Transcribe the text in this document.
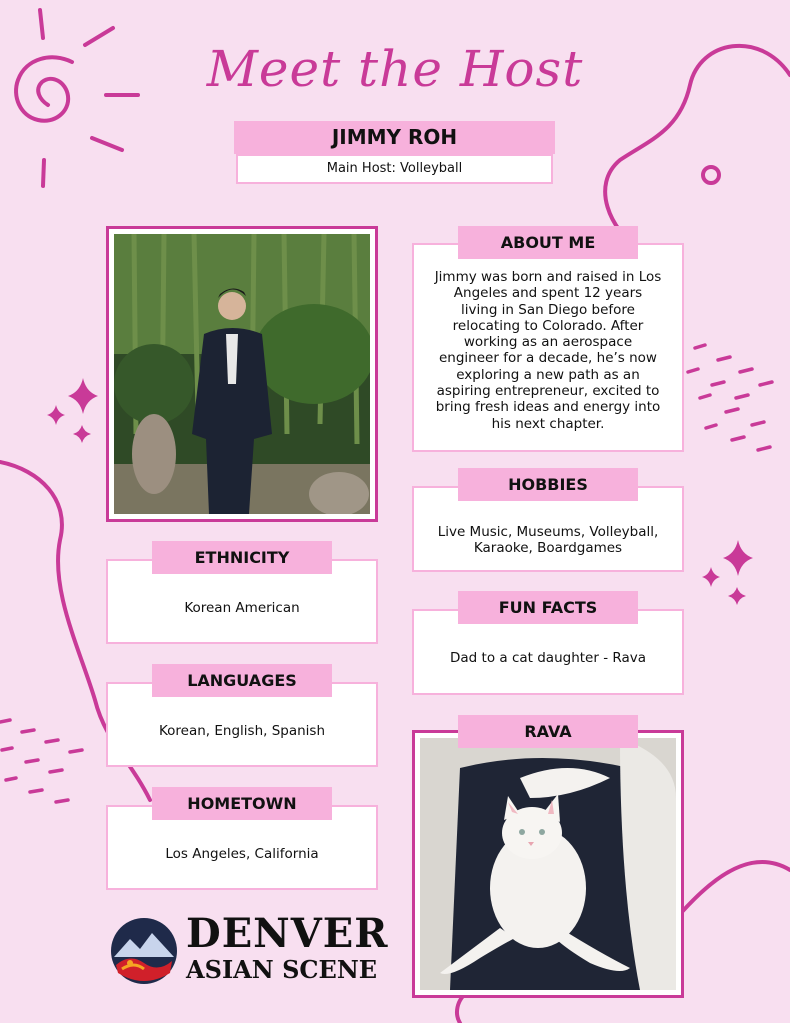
Meet the Host
JIMMY ROH
Main Host: Volleyball
Jimmy was born and raised in Los Angeles and spent 12 years living in San Diego before relocating to Colorado. After working as an aerospace engineer for a decade, he’s now exploring a new path as an aspiring entrepreneur, excited to bring fresh ideas and energy into his next chapter.
ABOUT ME
Live Music, Museums, Volleyball, Karaoke, Boardgames
HOBBIES
Korean American
ETHNICITY
Dad to a cat daughter - Rava
FUN FACTS
Korean, English, Spanish
LANGUAGES
Los Angeles, California
HOMETOWN
RAVA
DENVER
ASIAN SCENE
